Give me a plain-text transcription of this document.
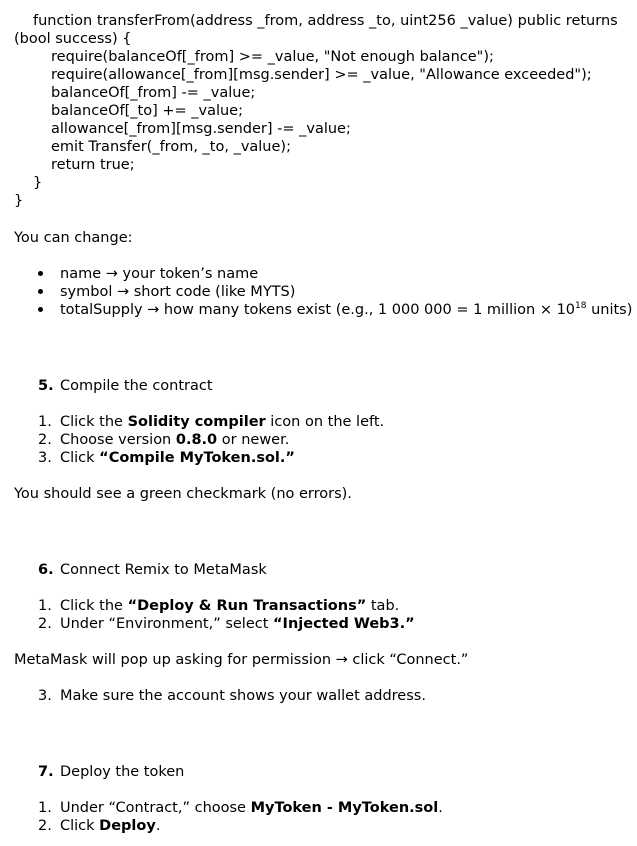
function transferFrom(address _from, address _to, uint256 _value) public returns
(bool success) {
require(balanceOf[_from] >= _value, "Not enough balance");
require(allowance[_from][msg.sender] >= _value, "Allowance exceeded");
balanceOf[_from] -= _value;
balanceOf[_to] += _value;
allowance[_from][msg.sender] -= _value;
emit Transfer(_from, _to, _value);
return true;
}
}
You can change:
name → your token’s name
symbol → short code (like MYTS)
totalSupply → how many tokens exist (e.g., 1 000 000 = 1 million × $10^{18}$ units)
5. Compile the contract
1. Click the Solidity compiler icon on the left.
2. Choose version 0.8.0 or newer.
3. Click “Compile MyToken.sol.”
You should see a green checkmark (no errors).
6. Connect Remix to MetaMask
1. Click the “Deploy & Run Transactions” tab.
2. Under “Environment,” select “Injected Web3.”
MetaMask will pop up asking for permission → click “Connect.”
3. Make sure the account shows your wallet address.
7. Deploy the token
1. Under “Contract,” choose MyToken - MyToken.sol.
2. Click Deploy.
